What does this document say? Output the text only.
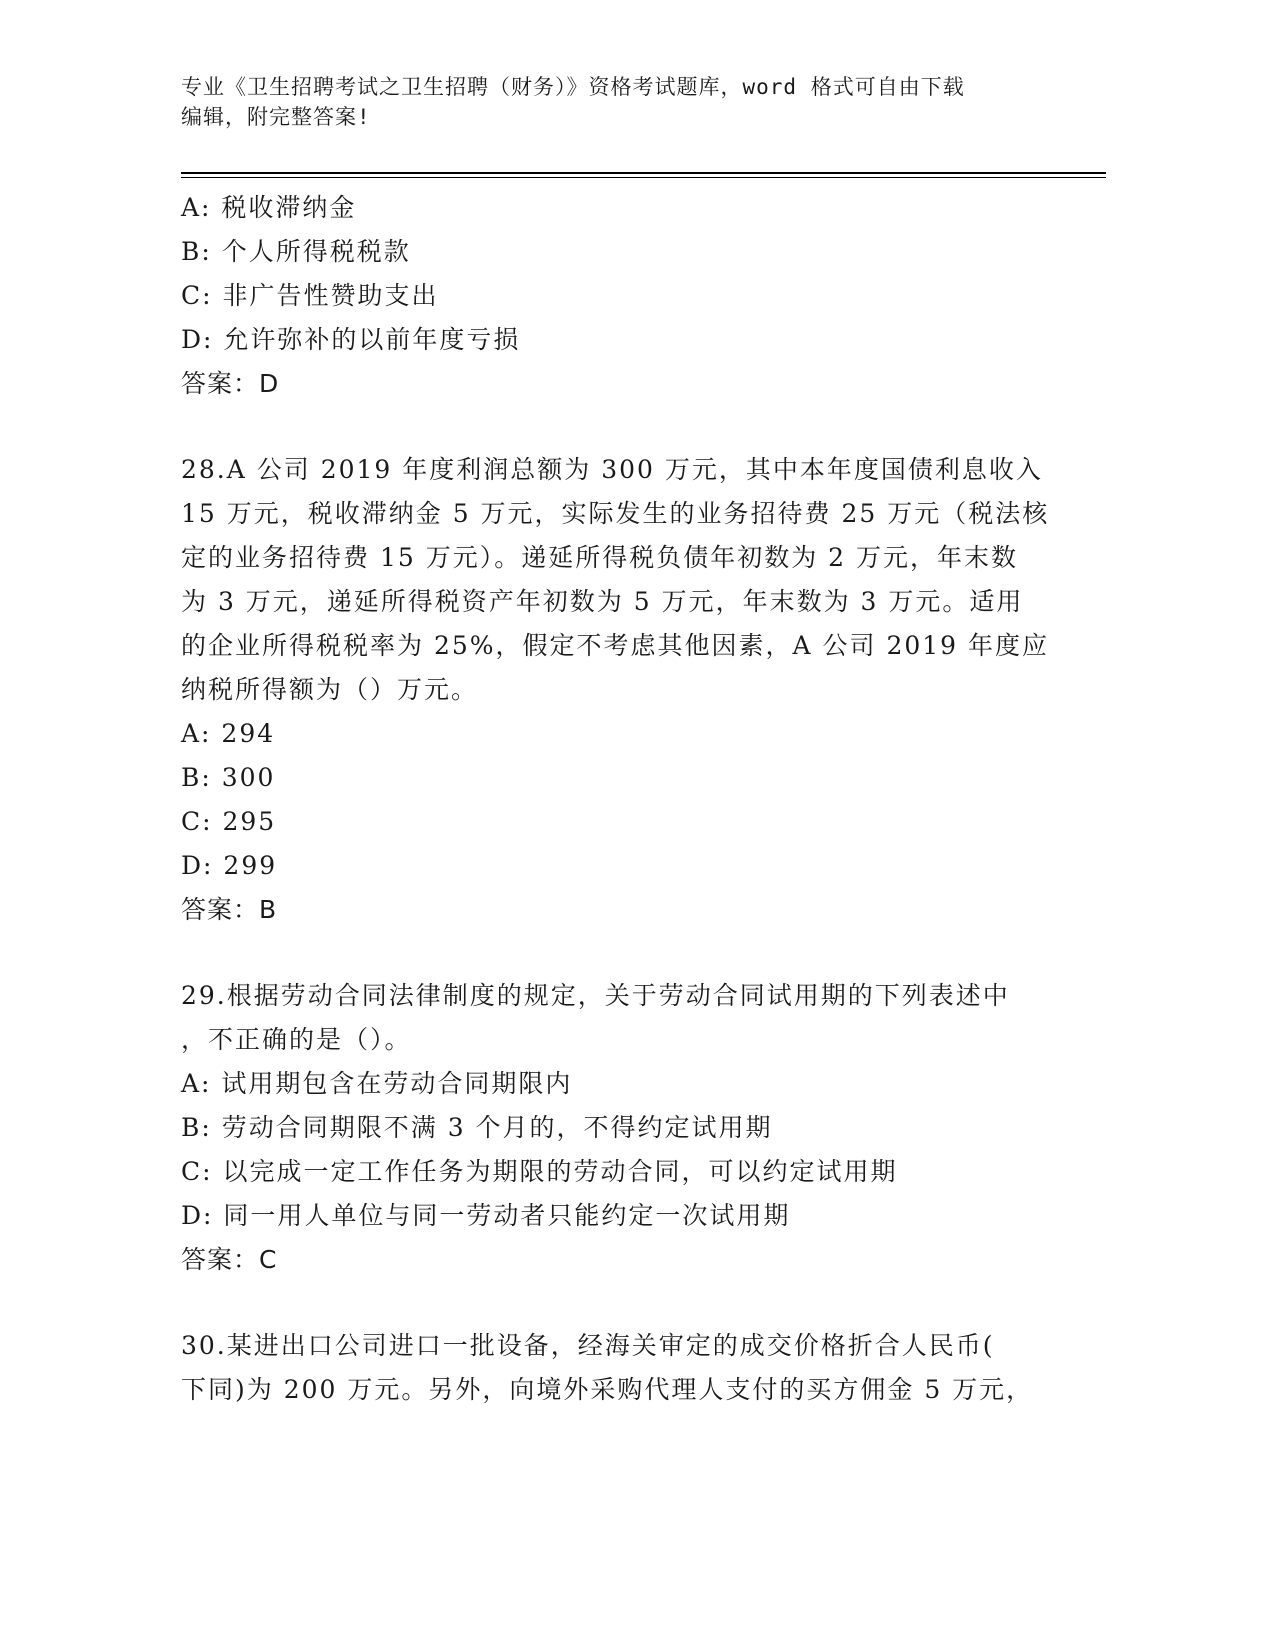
专业《卫生招聘考试之卫生招聘（财务）》资格考试题库，word 格式可自由下载
编辑，附完整答案!
A: 税收滞纳金
B: 个人所得税税款
C: 非广告性赞助支出
D: 允许弥补的以前年度亏损
答案：D
28.A 公司 2019 年度利润总额为 300 万元，其中本年度国债利息收入
15 万元，税收滞纳金 5 万元，实际发生的业务招待费 25 万元（税法核
定的业务招待费 15 万元）。递延所得税负债年初数为 2 万元，年末数
为 3 万元，递延所得税资产年初数为 5 万元，年末数为 3 万元。适用
的企业所得税税率为 25%，假定不考虑其他因素，A 公司 2019 年度应
纳税所得额为（）万元。
A: 294
B: 300
C: 295
D: 299
答案：B
29.根据劳动合同法律制度的规定，关于劳动合同试用期的下列表述中
，不正确的是（）。
A: 试用期包含在劳动合同期限内
B: 劳动合同期限不满 3 个月的，不得约定试用期
C: 以完成一定工作任务为期限的劳动合同，可以约定试用期
D: 同一用人单位与同一劳动者只能约定一次试用期
答案：C
30.某进出口公司进口一批设备，经海关审定的成交价格折合人民币(
下同)为 200 万元。另外，向境外采购代理人支付的买方佣金 5 万元，
